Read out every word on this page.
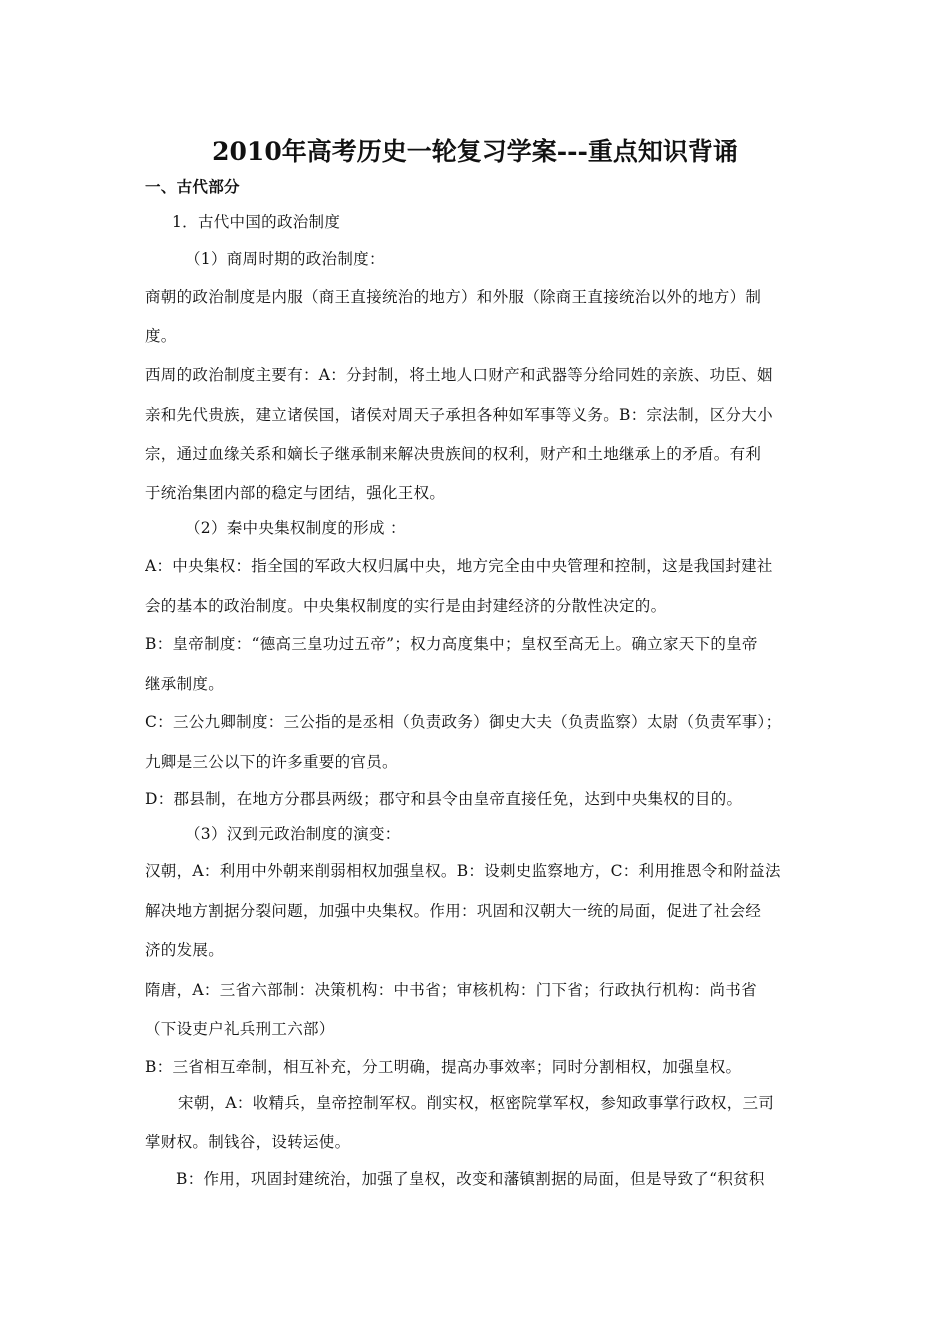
2010年高考历史一轮复习学案---重点知识背诵
一、古代部分
1．古代中国的政治制度
（1）商周时期的政治制度：
商朝的政治制度是内服（商王直接统治的地方）和外服（除商王直接统治以外的地方）制
度。
西周的政治制度主要有：A：分封制，将土地人口财产和武器等分给同姓的亲族、功臣、姻
亲和先代贵族，建立诸侯国，诸侯对周天子承担各种如军事等义务。B：宗法制，区分大小
宗，通过血缘关系和嫡长子继承制来解决贵族间的权利，财产和土地继承上的矛盾。有利
于统治集团内部的稳定与团结，强化王权。
（2）秦中央集权制度的形成 ：
A：中央集权：指全国的军政大权归属中央，地方完全由中央管理和控制，这是我国封建社
会的基本的政治制度。中央集权制度的实行是由封建经济的分散性决定的。
B：皇帝制度：“德高三皇功过五帝”；权力高度集中；皇权至高无上。确立家天下的皇帝
继承制度。
C：三公九卿制度：三公指的是丞相（负责政务）御史大夫（负责监察）太尉（负责军事）；
九卿是三公以下的许多重要的官员。
D：郡县制，在地方分郡县两级；郡守和县令由皇帝直接任免，达到中央集权的目的。
（3）汉到元政治制度的演变：
汉朝，A：利用中外朝来削弱相权加强皇权。B：设刺史监察地方，C：利用推恩令和附益法
解决地方割据分裂问题，加强中央集权。作用：巩固和汉朝大一统的局面，促进了社会经
济的发展。
隋唐，A：三省六部制：决策机构：中书省；审核机构：门下省；行政执行机构：尚书省
（下设吏户礼兵刑工六部）
B：三省相互牵制，相互补充，分工明确，提高办事效率；同时分割相权，加强皇权。
宋朝，A：收精兵，皇帝控制军权。削实权，枢密院掌军权，参知政事掌行政权，三司
掌财权。制钱谷，设转运使。
B：作用，巩固封建统治，加强了皇权，改变和藩镇割据的局面，但是导致了“积贫积
